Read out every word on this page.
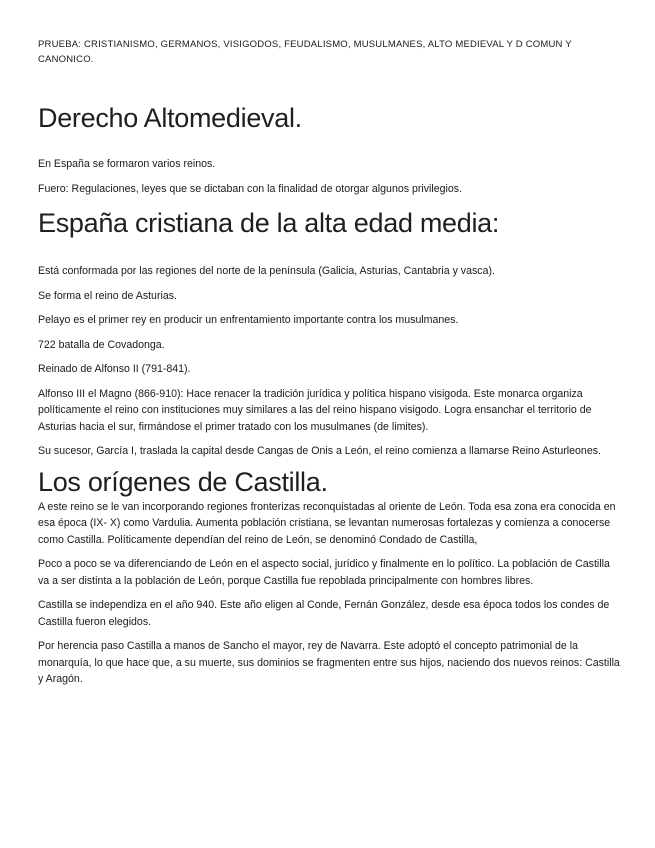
PRUEBA: CRISTIANISMO, GERMANOS, VISIGODOS, FEUDALISMO, MUSULMANES, ALTO MEDIEVAL Y D COMUN Y CANONICO.

Derecho Altomedieval.

En España se formaron varios reinos.

Fuero: Regulaciones, leyes que se dictaban con la finalidad de otorgar algunos privilegios.

España cristiana de la alta edad media:

Está conformada por las regiones del norte de la península (Galicia, Asturias, Cantabria y vasca).

Se forma el reino de Asturias.

Pelayo es el primer rey en producir un enfrentamiento importante contra los musulmanes.

722 batalla de Covadonga.

Reinado de Alfonso II (791-841).

Alfonso III el Magno (866-910): Hace renacer la tradición jurídica y política hispano visigoda. Este monarca organiza políticamente el reino con instituciones muy similares a las del reino hispano visigodo. Logra ensanchar el territorio de Asturias hacia el sur, firmándose el primer tratado con los musulmanes (de limites).

Su sucesor, García I, traslada la capital desde Cangas de Onis a León, el reino comienza a llamarse Reino Asturleones.

Los orígenes de Castilla.

A este reino se le van incorporando regiones fronterizas reconquistadas al oriente de León. Toda esa zona era conocida en esa época (IX- X) como Vardulia. Aumenta población cristiana, se levantan numerosas fortalezas y comienza a conocerse como Castilla. Políticamente dependían del reino de León, se denominó Condado de Castilla,

Poco a poco se va diferenciando de León en el aspecto social, jurídico y finalmente en lo político. La población de Castilla va a ser distinta a la población de León, porque Castilla fue repoblada principalmente con hombres libres.

Castilla se independiza en el año 940. Este año eligen al Conde, Fernán González, desde esa época todos los condes de Castilla fueron elegidos.

Por herencia paso Castilla a manos de Sancho el mayor, rey de Navarra. Este adoptó el concepto patrimonial de la monarquía, lo que hace que, a su muerte, sus dominios se fragmenten entre sus hijos, naciendo dos nuevos reinos: Castilla y Aragón.
